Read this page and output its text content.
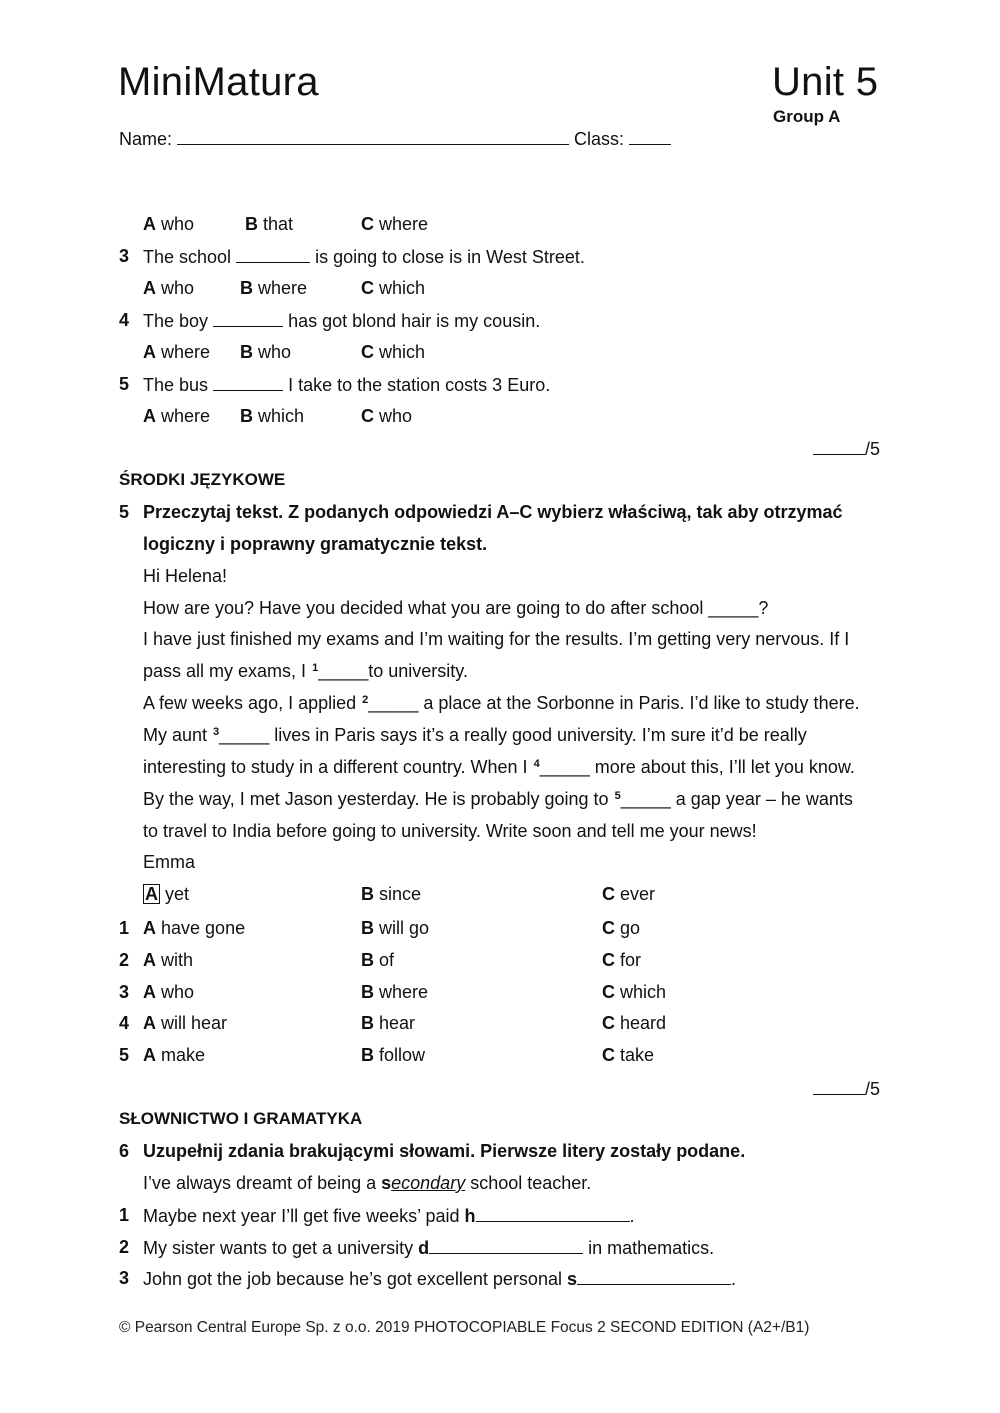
MiniMatura	Unit 5
Group A
Name:	Class:
A who	B that	C where
3 The school	is going to close is in West Street.
A who	B where	C which
4 The boy	has got blond hair is my cousin.
A where B who	C which
5 The bus	I take to the station costs 3 Euro.
A where B which	C who
/5
ŚRODKI JĘZYKOWE
5 Przeczytaj tekst. Z podanych odpowiedzi A–C wybierz właściwą, tak aby otrzymać
logiczny i poprawny gramatycznie tekst.
Hi Helena!
How are you? Have you decided what you are going to do after school _____?
I have just finished my exams and I’m waiting for the results. I’m getting very nervous. If I
pass all my exams, I $^1$_____to university.
A few weeks ago, I applied $^2$_____ a place at the Sorbonne in Paris. I’d like to study there.
My aunt $^3$_____ lives in Paris says it’s a really good university. I’m sure it’d be really
interesting to study in a different country. When I $^4$_____ more about this, I’ll let you know.
By the way, I met Jason yesterday. He is probably going to $^5$_____ a gap year – he wants
to travel to India before going to university. Write soon and tell me your news!
Emma
A yet	B since	C ever
1 A have gone	B will go	C go
2 A with	B of	C for
3 A who	B where	C which
4 A will hear	B hear	C heard
5 A make	B follow	C take
/5
SŁOWNICTWO I GRAMATYKA
6 Uzupełnij zdania brakującymi słowami. Pierwsze litery zostały podane.
I’ve always dreamt of being a secondary school teacher.
1 Maybe next year I’ll get five weeks’ paid h	.
2 My sister wants to get a university d	in mathematics.
3 John got the job because he’s got excellent personal s	.
© Pearson Central Europe Sp. z o.o. 2019 PHOTOCOPIABLE Focus 2 SECOND EDITION (A2+/B1)
